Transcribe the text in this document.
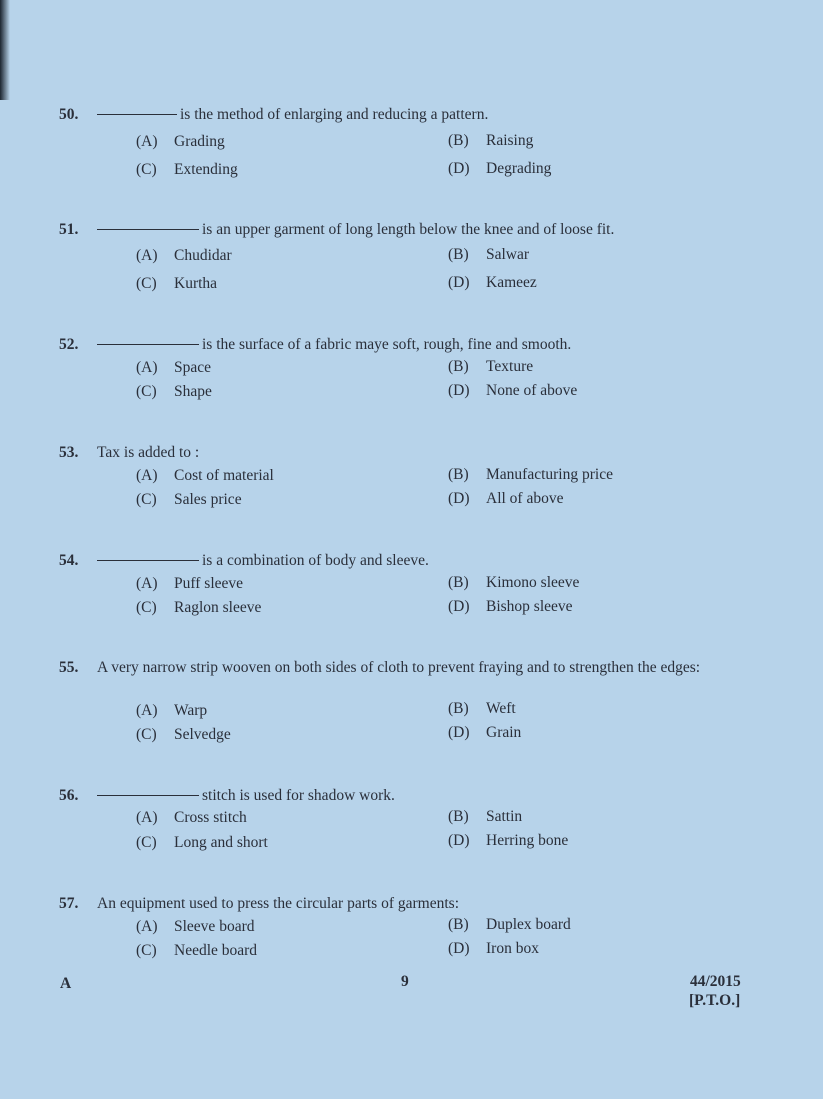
50.	is the method of enlarging and reducing a pattern.
(A) Grading	(B) Raising
(C) Extending	(D) Degrading
51.	is an upper garment of long length below the knee and of loose fit.
(A) Chudidar	(B) Salwar
(C) Kurtha	(D) Kameez
52.	is the surface of a fabric maye soft, rough, fine and smooth.
(A) Space	(B) Texture
(C) Shape	(D) None of above
53. Tax is added to :
(A) Cost of material	(B) Manufacturing price
(C) Sales price	(D) All of above
54.	is a combination of body and sleeve.
(A) Puff sleeve	(B) Kimono sleeve
(C) Raglon sleeve	(D) Bishop sleeve
55. A very narrow strip wooven on both sides of cloth to prevent fraying and to strengthen the edges:
(A) Warp	(B) Weft
(C) Selvedge	(D) Grain
56.	stitch is used for shadow work.
(A) Cross stitch	(B) Sattin
(C) Long and short	(D) Herring bone
57. An equipment used to press the circular parts of garments:
(A) Sleeve board	(B) Duplex board
(C) Needle board	(D) Iron box
A	9	44/2015
[P.T.O.]
